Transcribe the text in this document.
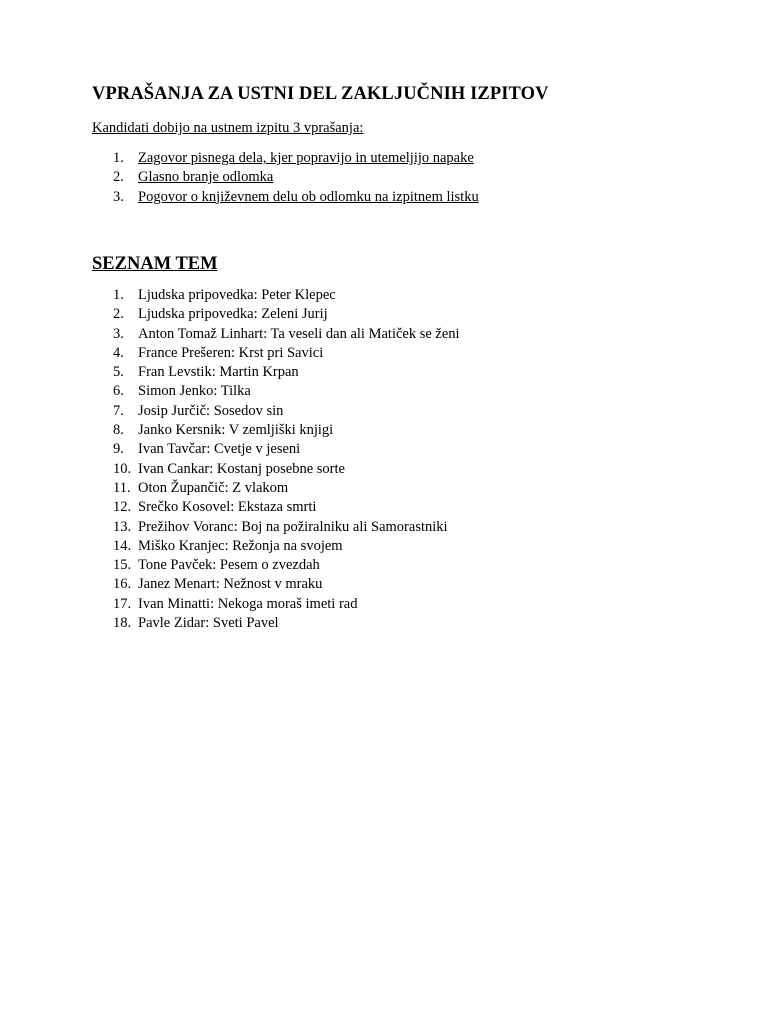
VPRAŠANJA ZA USTNI DEL ZAKLJUČNIH IZPITOV

Kandidati dobijo na ustnem izpitu 3 vprašanja:

1. Zagovor pisnega dela, kjer popravijo in utemeljijo napake
2. Glasno branje odlomka
3. Pogovor o književnem delu ob odlomku na izpitnem listku
SEZNAM TEM
1. Ljudska pripovedka: Peter Klepec
2. Ljudska pripovedka: Zeleni Jurij
3. Anton Tomaž Linhart: Ta veseli dan ali Matiček se ženi
4. France Prešeren: Krst pri Savici
5. Fran Levstik: Martin Krpan
6. Simon Jenko: Tilka
7. Josip Jurčič: Sosedov sin
8. Janko Kersnik: V zemljiški knjigi
9. Ivan Tavčar: Cvetje v jeseni
10. Ivan Cankar: Kostanj posebne sorte
11. Oton Župančič: Z vlakom
12. Srečko Kosovel: Ekstaza smrti
13. Prežihov Voranc: Boj na požiralniku ali Samorastniki
14. Miško Kranjec: Režonja na svojem
15. Tone Pavček: Pesem o zvezdah
16. Janez Menart: Nežnost v mraku
17. Ivan Minatti: Nekoga moraš imeti rad
18. Pavle Zidar: Sveti Pavel
